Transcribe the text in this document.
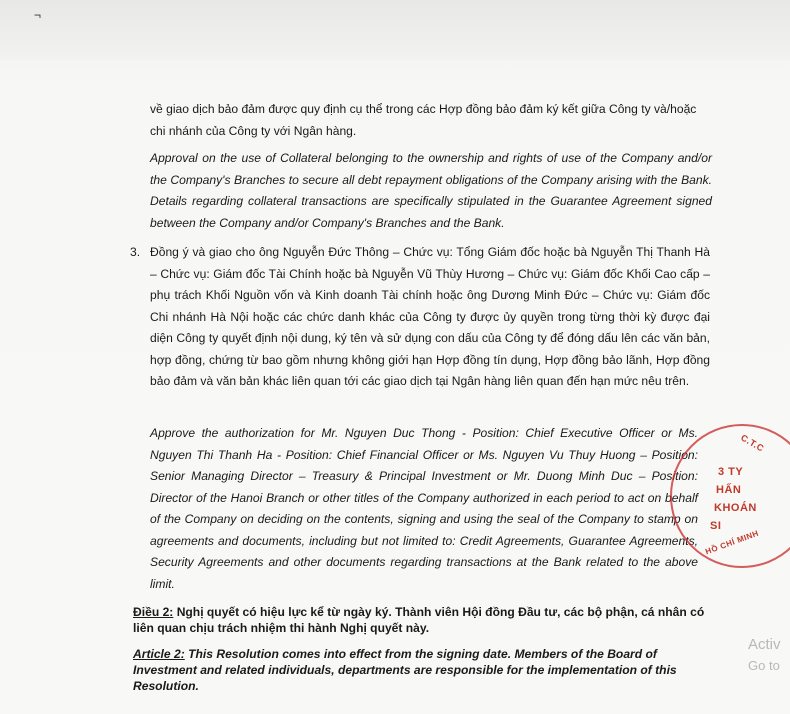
¬

về giao dịch bảo đảm được quy định cụ thể trong các Hợp đồng bảo đảm ký kết giữa Công ty và/hoặc chi nhánh của Công ty với Ngân hàng.

Approval on the use of Collateral belonging to the ownership and rights of use of the Company and/or the Company's Branches to secure all debt repayment obligations of the Company arising with the Bank. Details regarding collateral transactions are specifically stipulated in the Guarantee Agreement signed between the Company and/or Company's Branches and the Bank.

3. Đồng ý và giao cho ông Nguyễn Đức Thông – Chức vụ: Tổng Giám đốc hoặc bà Nguyễn Thị Thanh Hà – Chức vụ: Giám đốc Tài Chính hoặc bà Nguyễn Vũ Thùy Hương – Chức vụ: Giám đốc Khối Cao cấp – phụ trách Khối Nguồn vốn và Kinh doanh Tài chính hoặc ông Dương Minh Đức – Chức vụ: Giám đốc Chi nhánh Hà Nội hoặc các chức danh khác của Công ty được ủy quyền trong từng thời kỳ được đại diện Công ty quyết định nội dung, ký tên và sử dụng con dấu của Công ty để đóng dấu lên các văn bản, hợp đồng, chứng từ bao gồm nhưng không giới hạn Hợp đồng tín dụng, Hợp đồng bảo lãnh, Hợp đồng bảo đảm và văn bản khác liên quan tới các giao dịch tại Ngân hàng liên quan đến hạn mức nêu trên.

Approve the authorization for Mr. Nguyen Duc Thong - Position: Chief Executive Officer or Ms. Nguyen Thi Thanh Ha - Position: Chief Financial Officer or Ms. Nguyen Vu Thuy Huong – Position: Senior Managing Director – Treasury & Principal Investment or Mr. Duong Minh Duc – Position: Director of the Hanoi Branch or other titles of the Company authorized in each period to act on behalf of the Company on deciding on the contents, signing and using the seal of the Company to stamp on agreements and documents, including but not limited to: Credit Agreements, Guarantee Agreements, Security Agreements and other documents regarding transactions at the Bank related to the above limit.

Điều 2: Nghị quyết có hiệu lực kể từ ngày ký. Thành viên Hội đồng Đầu tư, các bộ phận, cá nhân có liên quan chịu trách nhiệm thi hành Nghị quyết này.
Article 2: This Resolution comes into effect from the signing date. Members of the Board of Investment and related individuals, departments are responsible for the implementation of this Resolution.
C.T.C
3 TY
HẤN
KHOÁN
SI
HỒ CHÍ MINH
Activ
Go to
